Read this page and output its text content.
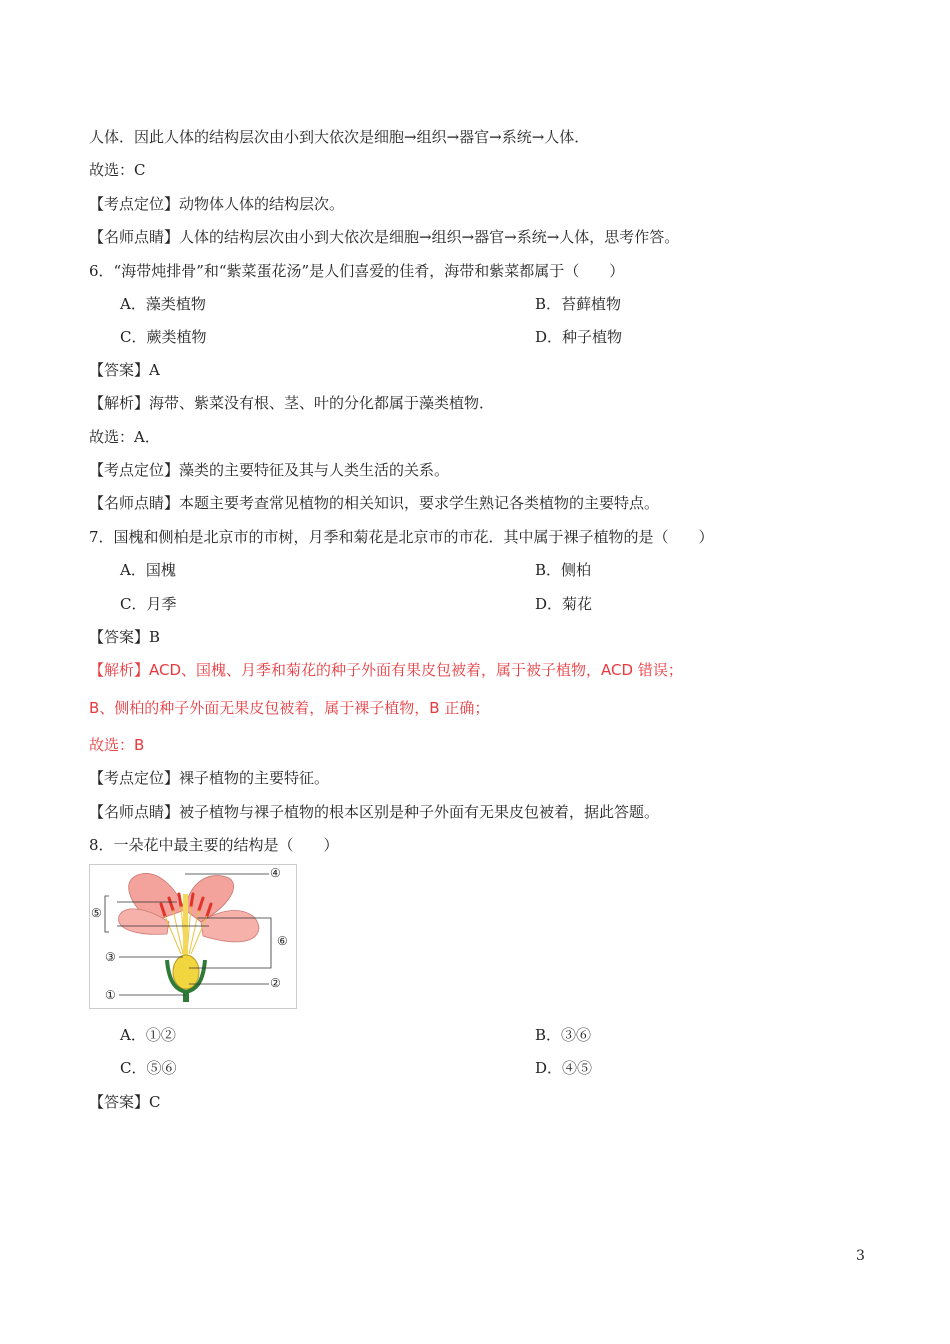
人体．因此人体的结构层次由小到大依次是细胞→组织→器官→系统→人体．
故选：C
【考点定位】动物体人体的结构层次。
【名师点睛】人体的结构层次由小到大依次是细胞→组织→器官→系统→人体，思考作答。
6．“海带炖排骨”和“紫菜蛋花汤”是人们喜爱的佳肴，海带和紫菜都属于（　　）
A．藻类植物	B．苔藓植物
C．蕨类植物	D．种子植物
【答案】A
【解析】海带、紫菜没有根、茎、叶的分化都属于藻类植物．
故选：A．
【考点定位】藻类的主要特征及其与人类生活的关系。
【名师点睛】本题主要考查常见植物的相关知识，要求学生熟记各类植物的主要特点。
7．国槐和侧柏是北京市的市树，月季和菊花是北京市的市花．其中属于裸子植物的是（　　）
A．国槐	B．侧柏
C．月季	D．菊花
【答案】B
【解析】ACD、国槐、月季和菊花的种子外面有果皮包被着，属于被子植物，ACD 错误；
B、侧柏的种子外面无果皮包被着，属于裸子植物，B 正确；
故选：B
【考点定位】裸子植物的主要特征。
【名师点睛】被子植物与裸子植物的根本区别是种子外面有无果皮包被着，据此答题。
8．一朵花中最主要的结构是（　　）
④
⑤
⑥
③
②
①
A．①②	B．③⑥
C．⑤⑥	D．④⑤
【答案】C
3
